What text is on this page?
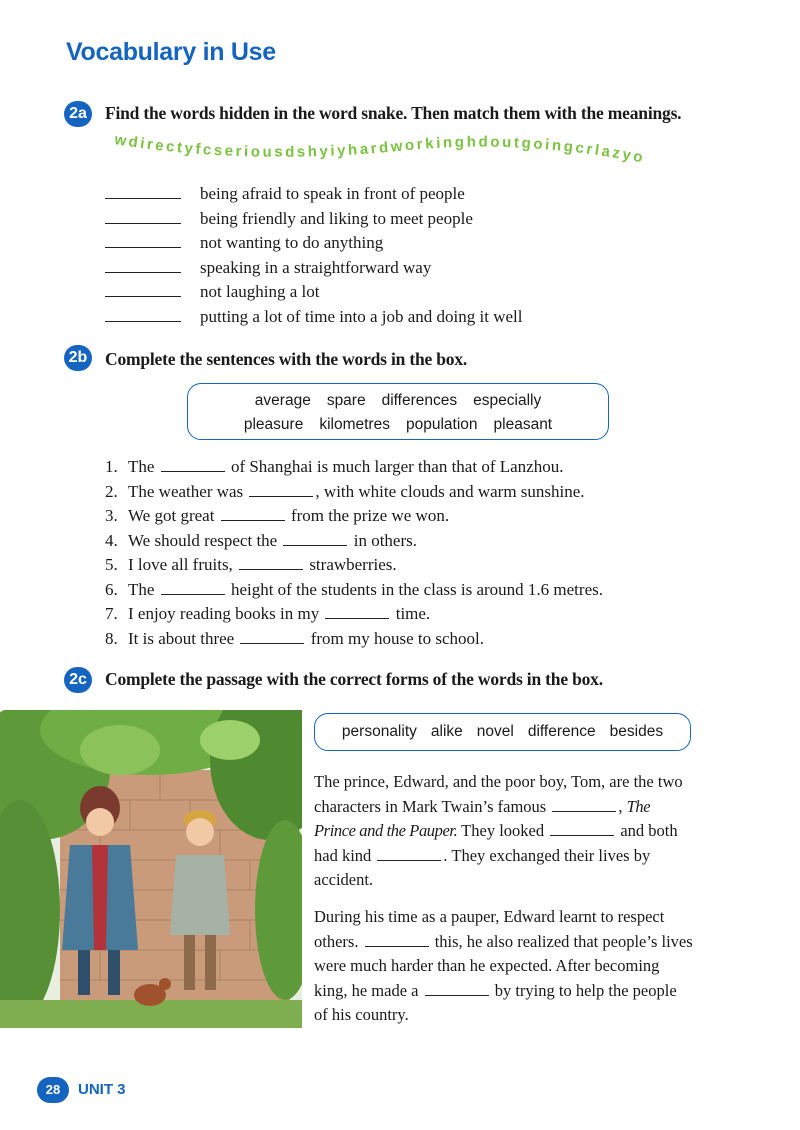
Vocabulary in Use
2a Find the words hidden in the word snake. Then match them with the meanings.
wdirectyfcseriousdshyiyhardworkinghdoutgoingcrlazyo
being afraid to speak in front of people
being friendly and liking to meet people
not wanting to do anything
speaking in a straightforward way
not laughing a lot
putting a lot of time into a job and doing it well
2b Complete the sentences with the words in the box.
average spare differences especially
pleasure kilometres population pleasant
1. The	of Shanghai is much larger than that of Lanzhou.
2. The weather was	, with white clouds and warm sunshine.
3. We got great	from the prize we won.
4. We should respect the	in others.
5. I love all fruits,	strawberries.
6. The	height of the students in the class is around 1.6 metres.
7. I enjoy reading books in my	time.
8. It is about three	from my house to school.
2c Complete the passage with the correct forms of the words in the box.
personality alike novel difference besides
The prince, Edward, and the poor boy, Tom, are the two characters in Mark Twain’s famous	, The Prince and the Pauper. They looked	and both had kind	. They exchanged their lives by accident.
During his time as a pauper, Edward learnt to respect others.	this, he also realized that people’s lives were much harder than he expected. After becoming king, he made a	by trying to help the people of his country.
28	UNIT 3
